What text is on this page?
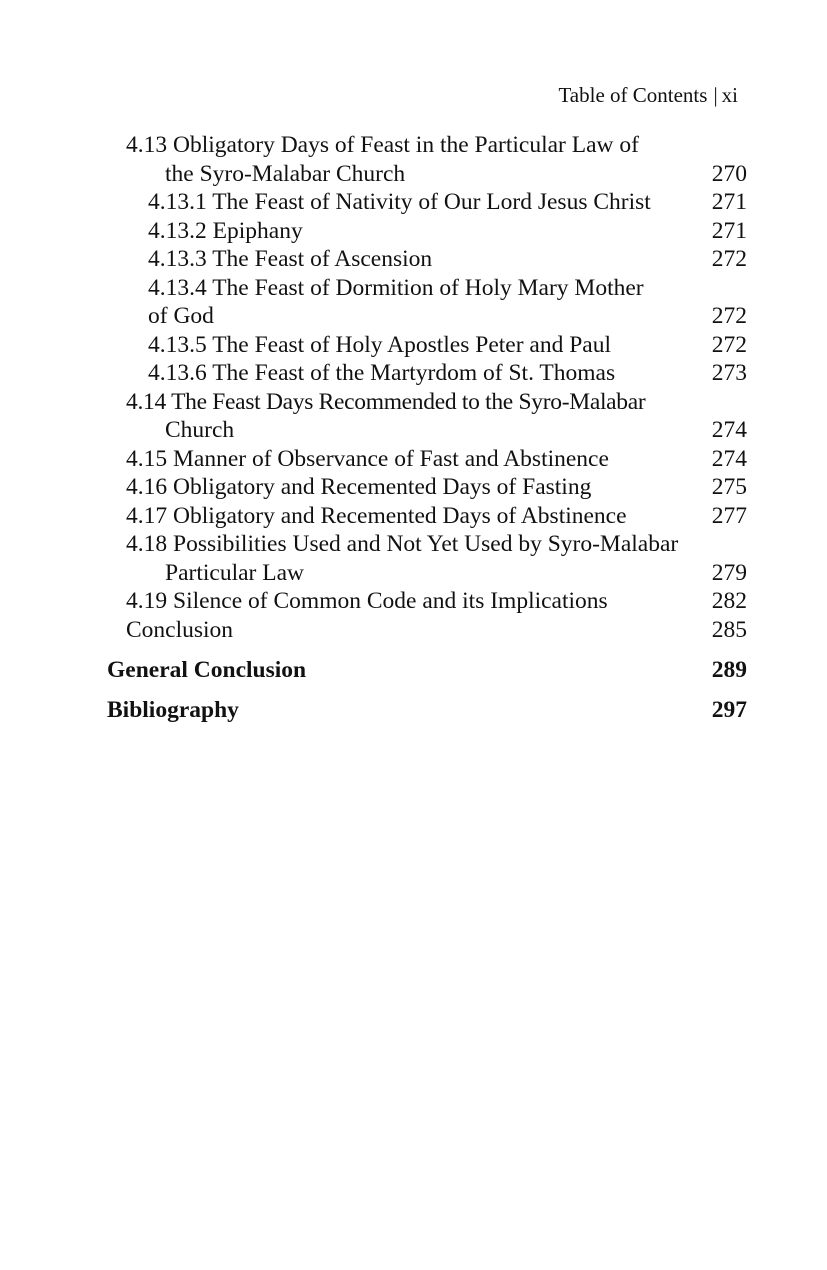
Table of Contents | xi
4.13 Obligatory Days of Feast in the Particular Law of
the Syro-Malabar Church	270
4.13.1 The Feast of Nativity of Our Lord Jesus Christ	271
4.13.2 Epiphany	271
4.13.3 The Feast of Ascension	272
4.13.4 The Feast of Dormition of Holy Mary Mother
of God	272
4.13.5 The Feast of Holy Apostles Peter and Paul	272
4.13.6 The Feast of the Martyrdom of St. Thomas	273
4.14 The Feast Days Recommended to the Syro-Malabar
Church	274
4.15 Manner of Observance of Fast and Abstinence	274
4.16 Obligatory and Recemented Days of Fasting	275
4.17 Obligatory and Recemented Days of Abstinence	277
4.18 Possibilities Used and Not Yet Used by Syro-Malabar
Particular Law	279
4.19 Silence of Common Code and its Implications	282
Conclusion	285
General Conclusion	289
Bibliography	297
